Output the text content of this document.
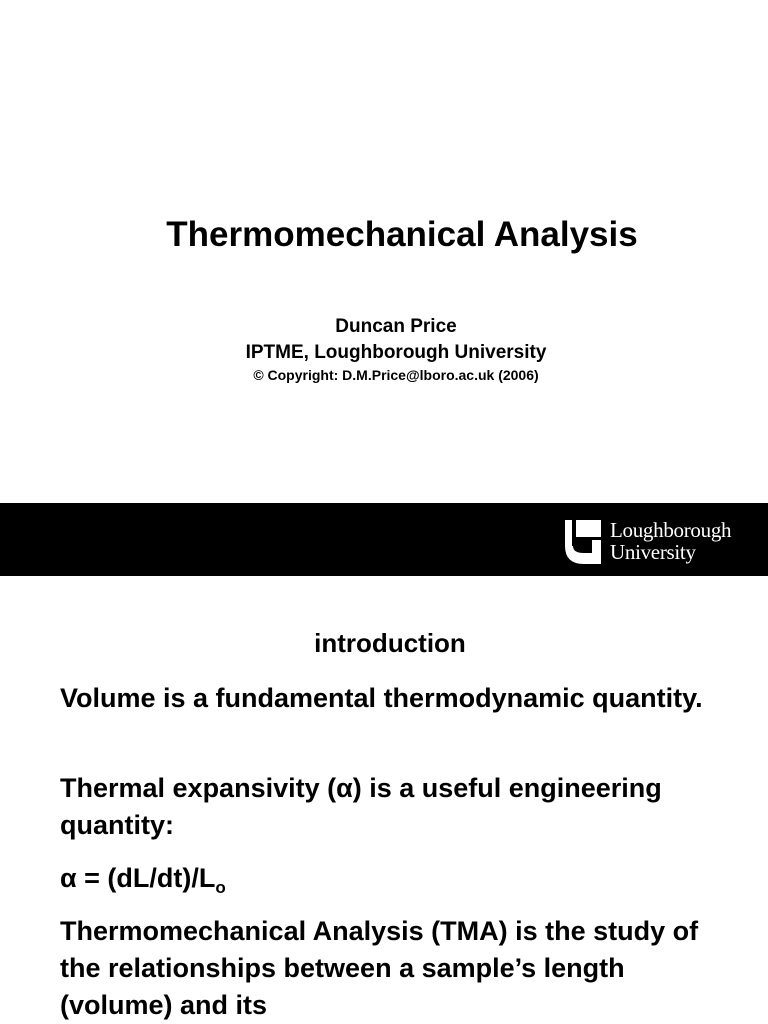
Thermomechanical Analysis
Duncan Price
IPTME, Loughborough University
© Copyright: D.M.Price@lboro.ac.uk (2006)
Loughborough
University
introduction

Volume is a fundamental thermodynamic quantity.

Thermal expansivity (α) is a useful engineering quantity:

$\alpha = (dL/dt)/L_o$

Thermomechanical Analysis (TMA) is the study of the relationships between a sample’s length (volume) and its
